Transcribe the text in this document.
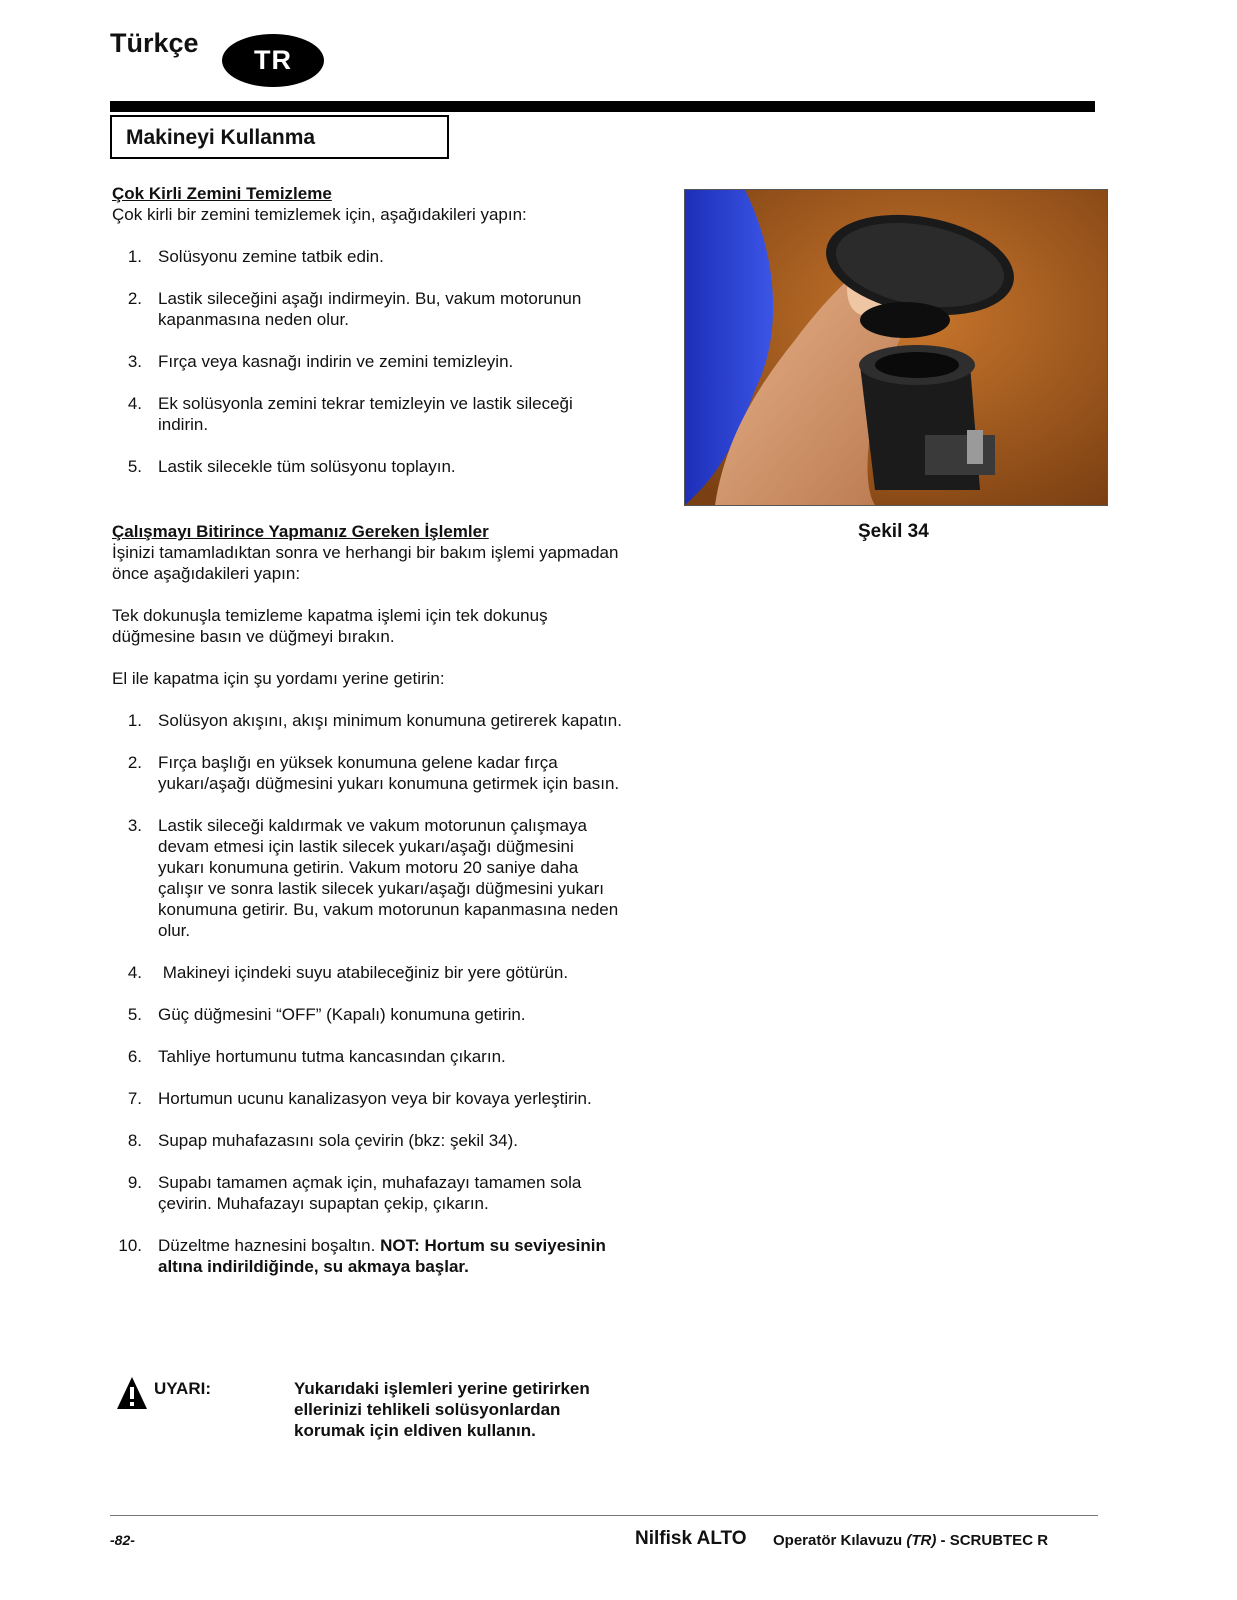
Türkçe
TR
Makineyi Kullanma
Çok Kirli Zemini Temizleme
Çok kirli bir zemini temizlemek için, aşağıdakileri yapın:
1. Solüsyonu zemine tatbik edin.
2. Lastik sileceğini aşağı indirmeyin. Bu, vakum motorunun kapanmasına neden olur.
3. Fırça veya kasnağı indirin ve zemini temizleyin.
4. Ek solüsyonla zemini tekrar temizleyin ve lastik sileceği indirin.
5. Lastik silecekle tüm solüsyonu toplayın.
Çalışmayı Bitirince Yapmanız Gereken İşlemler
İşinizi tamamladıktan sonra ve herhangi bir bakım işlemi yapmadan önce aşağıdakileri yapın:
Tek dokunuşla temizleme kapatma işlemi için tek dokunuş düğmesine basın ve düğmeyi bırakın.
El ile kapatma için şu yordamı yerine getirin:
1. Solüsyon akışını, akışı minimum konumuna getirerek kapatın.
2. Fırça başlığı en yüksek konumuna gelene kadar fırça yukarı/aşağı düğmesini yukarı konumuna getirmek için basın.
3. Lastik sileceği kaldırmak ve vakum motorunun çalışmaya devam etmesi için lastik silecek yukarı/aşağı düğmesini yukarı konumuna getirin. Vakum motoru 20 saniye daha çalışır ve sonra lastik silecek yukarı/aşağı düğmesini yukarı konumuna getirir. Bu, vakum motorunun kapanmasına neden olur.
4. Makineyi içindeki suyu atabileceğiniz bir yere götürün.
5. Güç düğmesini “OFF” (Kapalı) konumuna getirin.
6. Tahliye hortumunu tutma kancasından çıkarın.
7. Hortumun ucunu kanalizasyon veya bir kovaya yerleştirin.
8. Supap muhafazasını sola çevirin (bkz: şekil 34).
9. Supabı tamamen açmak için, muhafazayı tamamen sola çevirin. Muhafazayı supaptan çekip, çıkarın.
10. Düzeltme haznesini boşaltın. NOT: Hortum su seviyesinin altına indirildiğinde, su akmaya başlar.
UYARI:	Yukarıdaki işlemleri yerine getirirken ellerinizi tehlikeli solüsyonlardan korumak için eldiven kullanın.
Şekil 34
-82-	Nilfisk ALTO Operatör Kılavuzu (TR) - SCRUBTEC R
